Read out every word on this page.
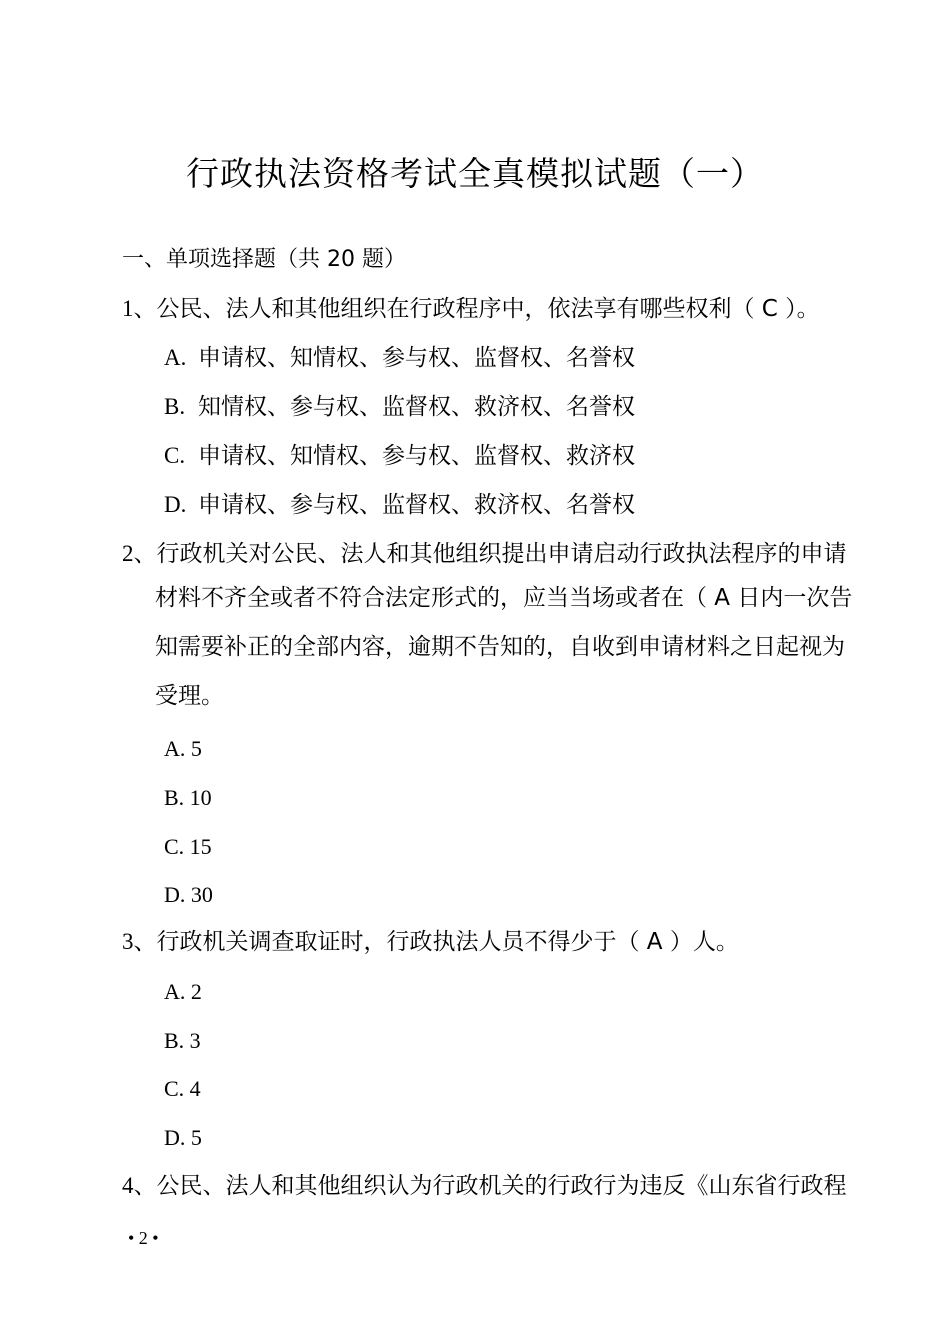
行政执法资格考试全真模拟试题（一）
一、单项选择题（共 20 题）
1、公民、法人和其他组织在行政程序中，依法享有哪些权利（ C ）。
A. 申请权、知情权、参与权、监督权、名誉权
B. 知情权、参与权、监督权、救济权、名誉权
C. 申请权、知情权、参与权、监督权、救济权
D. 申请权、参与权、监督权、救济权、名誉权
2、行政机关对公民、法人和其他组织提出申请启动行政执法程序的申请
材料不齐全或者不符合法定形式的，应当当场或者在（ A 日内一次告
知需要补正的全部内容，逾期不告知的，自收到申请材料之日起视为
受理。
A. 5
B. 10
C. 15
D. 30
3、行政机关调查取证时，行政执法人员不得少于（ A ）人。
A. 2
B. 3
C. 4
D. 5
4、公民、法人和其他组织认为行政机关的行政行为违反《山东省行政程
• 2 •
